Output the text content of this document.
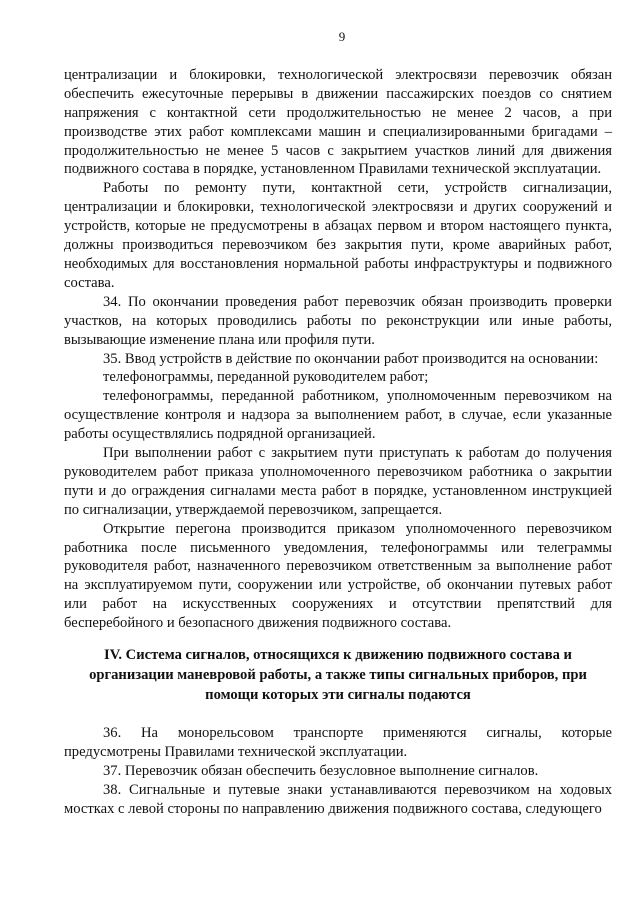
9

централизации и блокировки, технологической электросвязи перевозчик обязан обеспечить ежесуточные перерывы в движении пассажирских поездов со снятием напряжения с контактной сети продолжительностью не менее 2 часов, а при производстве этих работ комплексами машин и специализированными бригадами – продолжительностью не менее 5 часов с закрытием участков линий для движения подвижного состава в порядке, установленном Правилами технической эксплуатации.

Работы по ремонту пути, контактной сети, устройств сигнализации, централизации и блокировки, технологической электросвязи и других сооружений и устройств, которые не предусмотрены в абзацах первом и втором настоящего пункта, должны производиться перевозчиком без закрытия пути, кроме аварийных работ, необходимых для восстановления нормальной работы инфраструктуры и подвижного состава.

34. По окончании проведения работ перевозчик обязан производить проверки участков, на которых проводились работы по реконструкции или иные работы, вызывающие изменение плана или профиля пути.

35. Ввод устройств в действие по окончании работ производится на основании:

телефонограммы, переданной руководителем работ;

телефонограммы, переданной работником, уполномоченным перевозчиком на осуществление контроля и надзора за выполнением работ, в случае, если указанные работы осуществлялись подрядной организацией.

При выполнении работ с закрытием пути приступать к работам до получения руководителем работ приказа уполномоченного перевозчиком работника о закрытии пути и до ограждения сигналами места работ в порядке, установленном инструкцией по сигнализации, утверждаемой перевозчиком, запрещается.

Открытие перегона производится приказом уполномоченного перевозчиком работника после письменного уведомления, телефонограммы или телеграммы руководителя работ, назначенного перевозчиком ответственным за выполнение работ на эксплуатируемом пути, сооружении или устройстве, об окончании путевых работ или работ на искусственных сооружениях и отсутствии препятствий для бесперебойного и безопасного движения подвижного состава.

IV. Система сигналов, относящихся к движению подвижного состава и организации маневровой работы, а также типы сигнальных приборов, при помощи которых эти сигналы подаются

36. На монорельсовом транспорте применяются сигналы, которые предусмотрены Правилами технической эксплуатации.

37. Перевозчик обязан обеспечить безусловное выполнение сигналов.

38. Сигнальные и путевые знаки устанавливаются перевозчиком на ходовых мостках с левой стороны по направлению движения подвижного состава, следующего
